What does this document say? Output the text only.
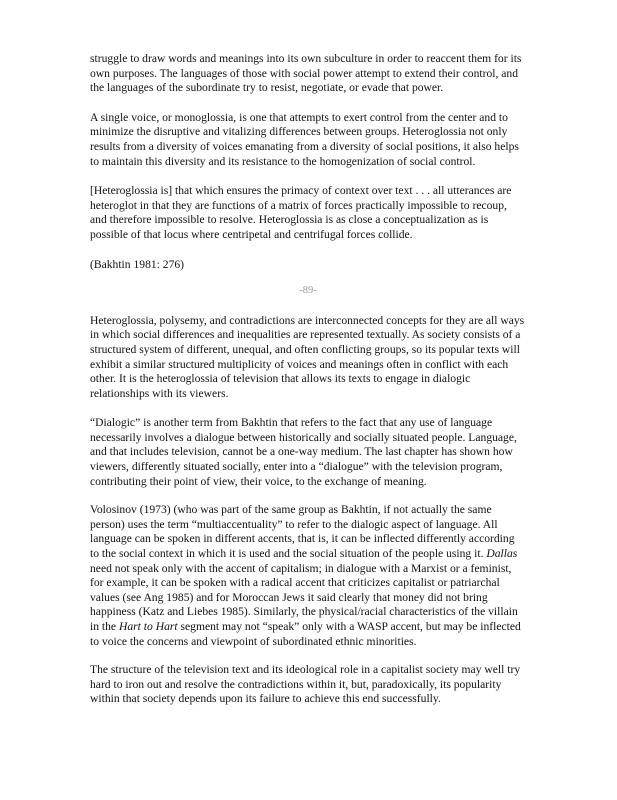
struggle to draw words and meanings into its own subculture in order to reaccent them for its own purposes. The languages of those with social power attempt to extend their control, and the languages of the subordinate try to resist, negotiate, or evade that power.

A single voice, or monoglossia, is one that attempts to exert control from the center and to minimize the disruptive and vitalizing differences between groups. Heteroglossia not only results from a diversity of voices emanating from a diversity of social positions, it also helps to maintain this diversity and its resistance to the homogenization of social control.

[Heteroglossia is] that which ensures the primacy of context over text . . . all utterances are heteroglot in that they are functions of a matrix of forces practically impossible to recoup, and therefore impossible to resolve. Heteroglossia is as close a conceptualization as is possible of that locus where centripetal and centrifugal forces collide.

(Bakhtin 1981: 276)

-89-

Heteroglossia, polysemy, and contradictions are interconnected concepts for they are all ways in which social differences and inequalities are represented textually. As society consists of a structured system of different, unequal, and often conflicting groups, so its popular texts will exhibit a similar structured multiplicity of voices and meanings often in conflict with each other. It is the heteroglossia of television that allows its texts to engage in dialogic relationships with its viewers.

“Dialogic” is another term from Bakhtin that refers to the fact that any use of language necessarily involves a dialogue between historically and socially situated people. Language, and that includes television, cannot be a one-way medium. The last chapter has shown how viewers, differently situated socially, enter into a “dialogue” with the television program, contributing their point of view, their voice, to the exchange of meaning.

Volosinov (1973) (who was part of the same group as Bakhtin, if not actually the same person) uses the term “multiaccentuality” to refer to the dialogic aspect of language. All language can be spoken in different accents, that is, it can be inflected differently according to the social context in which it is used and the social situation of the people using it. Dallas need not speak only with the accent of capitalism; in dialogue with a Marxist or a feminist, for example, it can be spoken with a radical accent that criticizes capitalist or patriarchal values (see Ang 1985) and for Moroccan Jews it said clearly that money did not bring happiness (Katz and Liebes 1985). Similarly, the physical/racial characteristics of the villain in the Hart to Hart segment may not “speak” only with a WASP accent, but may be inflected to voice the concerns and viewpoint of subordinated ethnic minorities.

The structure of the television text and its ideological role in a capitalist society may well try hard to iron out and resolve the contradictions within it, but, paradoxically, its popularity within that society depends upon its failure to achieve this end successfully.
